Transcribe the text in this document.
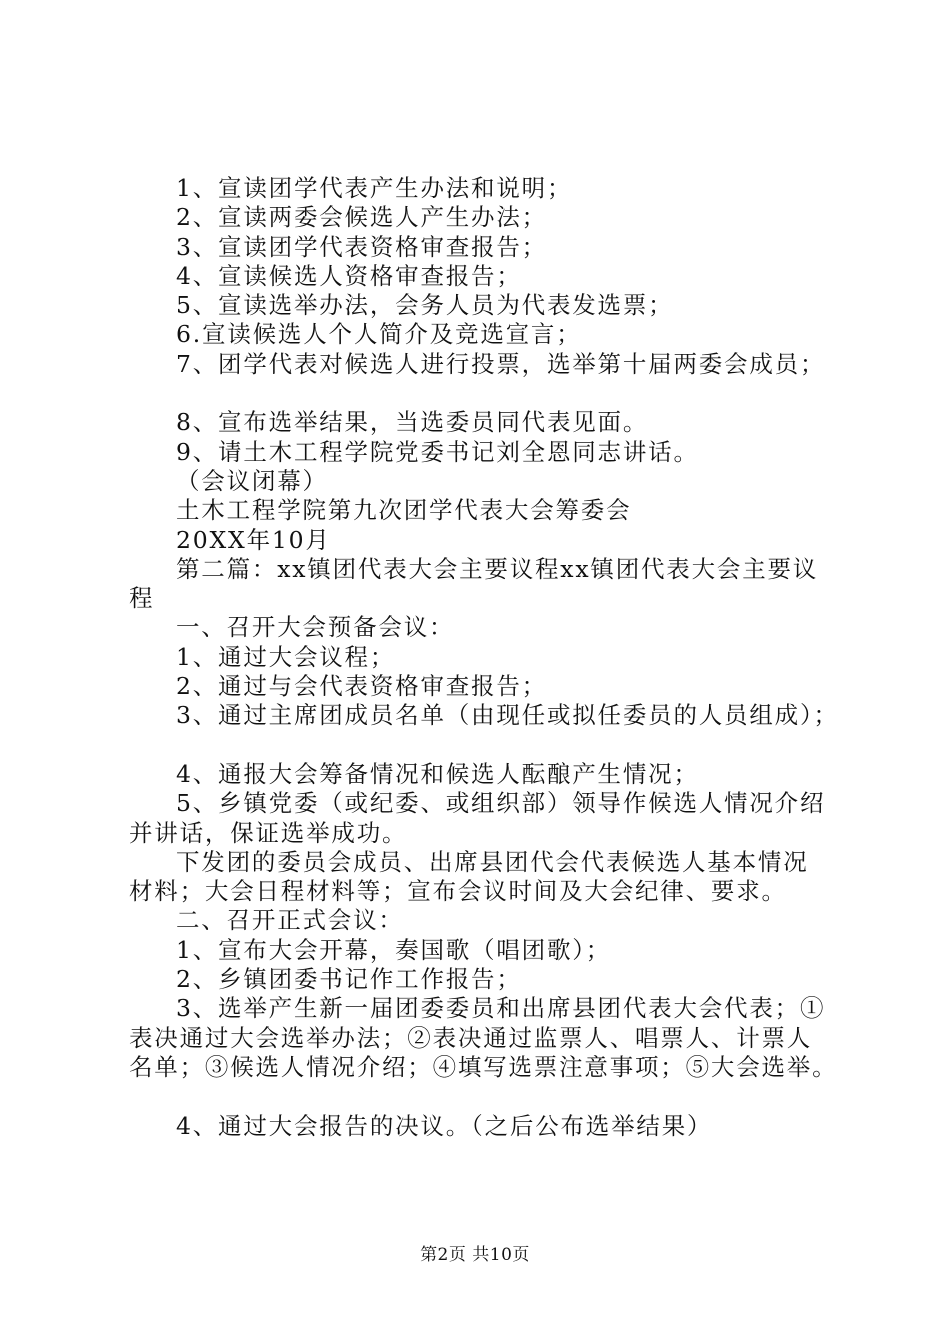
1、宣读团学代表产生办法和说明；
2、宣读两委会候选人产生办法；
3、宣读团学代表资格审查报告；
4、宣读候选人资格审查报告；
5、宣读选举办法，会务人员为代表发选票；
6.宣读候选人个人简介及竞选宣言；
7、团学代表对候选人进行投票，选举第十届两委会成员；
8、宣布选举结果，当选委员同代表见面。
9、请土木工程学院党委书记刘全恩同志讲话。
（会议闭幕）
土木工程学院第九次团学代表大会筹委会
20XX年10月
第二篇：xx镇团代表大会主要议程xx镇团代表大会主要议
程
一、召开大会预备会议：
1、通过大会议程；
2、通过与会代表资格审查报告；
3、通过主席团成员名单（由现任或拟任委员的人员组成）；
4、通报大会筹备情况和候选人酝酿产生情况；
5、乡镇党委（或纪委、或组织部）领导作候选人情况介绍
并讲话，保证选举成功。
下发团的委员会成员、出席县团代会代表候选人基本情况
材料；大会日程材料等；宣布会议时间及大会纪律、要求。
二、召开正式会议：
1、宣布大会开幕，奏国歌（唱团歌）；
2、乡镇团委书记作工作报告；
3、选举产生新一届团委委员和出席县团代表大会代表；①
表决通过大会选举办法；②表决通过监票人、唱票人、计票人
名单；③候选人情况介绍；④填写选票注意事项；⑤大会选举。
4、通过大会报告的决议。（之后公布选举结果）
第2页 共10页
